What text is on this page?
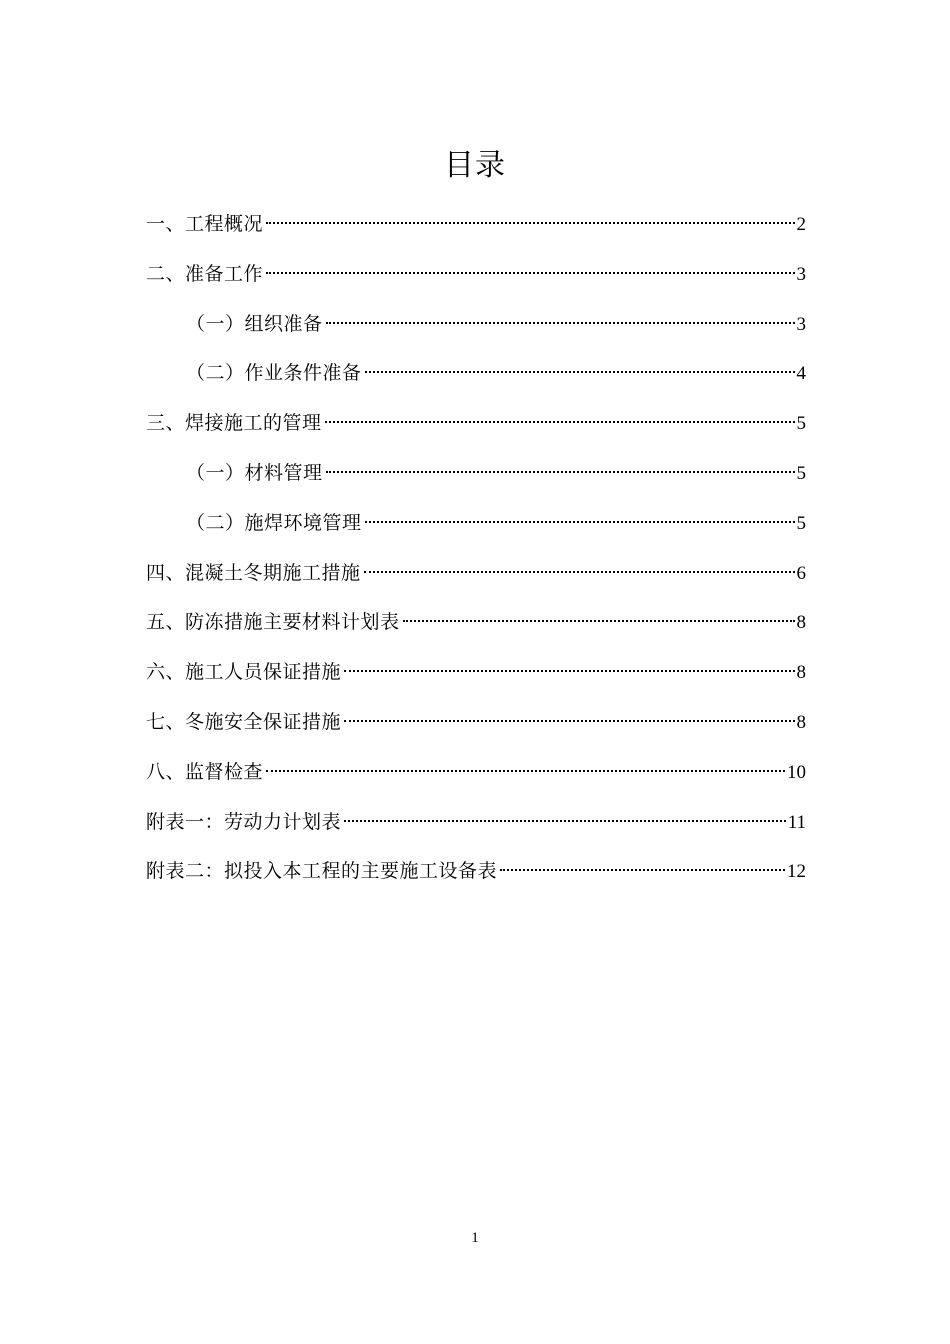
目录
一、工程概况	2
二、准备工作	3
（一）组织准备	3
（二）作业条件准备	4
三、焊接施工的管理	5
（一）材料管理	5
（二）施焊环境管理	5
四、混凝土冬期施工措施	6
五、防冻措施主要材料计划表	8
六、施工人员保证措施	8
七、冬施安全保证措施	8
八、监督检查	10
附表一：劳动力计划表	11
附表二：拟投入本工程的主要施工设备表	12
1
